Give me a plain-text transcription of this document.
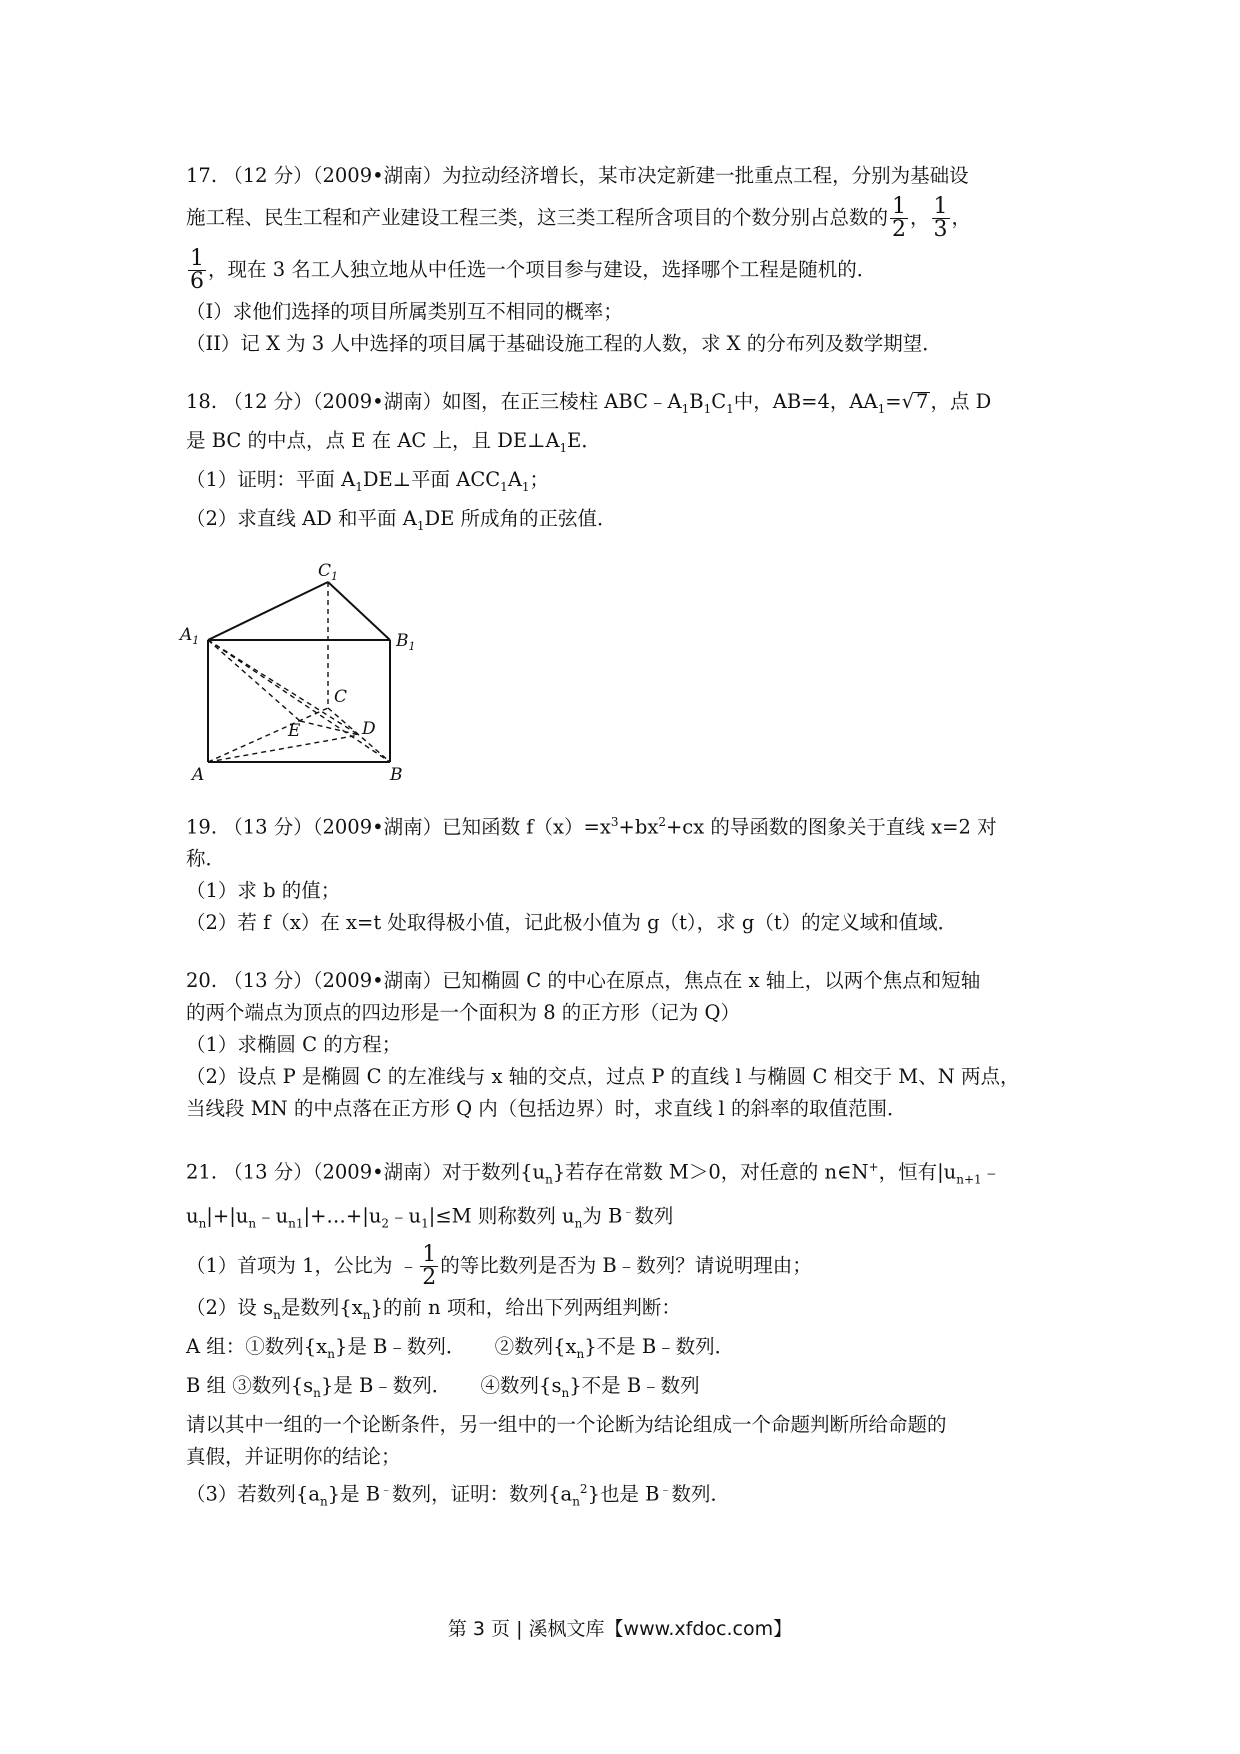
17. （12 分）（2009•湖南）为拉动经济增长，某市决定新建一批重点工程，分别为基础设

施工程、民生工程和产业建设工程三类，这三类工程所含项目的个数分别占总数的 $\frac{1}{2}$ ， $\frac{1}{3}$ ，

$\frac{1}{6}$ ，现在 3 名工人独立地从中任选一个项目参与建设，选择哪个工程是随机的．

（I）求他们选择的项目所属类别互不相同的概率；

（II）记 X 为 3 人中选择的项目属于基础设施工程的人数，求 X 的分布列及数学期望．

18. （12 分）（2009•湖南）如图，在正三棱柱 $ABC﹣A_1B_1C_1$中，AB=4，$AA_1=√$ 7 ，点 D

是 BC 的中点，点 E 在 AC 上，且 $DE\perp A_1E$．

（1）证明：平面 $A_1DE\perp$平面 $ACC_1A_1$；

（2）求直线 AD 和平面 $A_1DE$ 所成角的正弦值．

$C_1$
$A_1$	$B_1$
C
E	D
A	B

19. （13 分）（2009•湖南）已知函数 $f(x)=x^3+bx^2+cx$ 的导函数的图象关于直线 x=2 对

称．

（1）求 b 的值；

（2）若 f（x）在 x=t 处取得极小值，记此极小值为 g（t），求 g（t）的定义域和值域．

20. （13 分）（2009•湖南）已知椭圆 C 的中心在原点，焦点在 x 轴上，以两个焦点和短轴

的两个端点为顶点的四边形是一个面积为 8 的正方形（记为 Q）

（1）求椭圆 C 的方程；

（2）设点 P 是椭圆 C 的左准线与 x 轴的交点，过点 P 的直线 l 与椭圆 C 相交于 M、N 两点，

当线段 MN 的中点落在正方形 Q 内（包括边界）时，求直线 l 的斜率的取值范围．

21. （13 分）（2009•湖南）对于数列$\{u_n\}$若存在常数 M＞0，对任意的 n∈N+，恒有$|u_{n+1}﹣$

$u_n|+|u_n﹣u_{n1}|+\dots+|u_2﹣u_1|\le M$ 则称数列 $u_n$为 B﹣数列

（1）首项为 1，公比为 ﹣ $\frac{1}{2}$ 的等比数列是否为 B﹣数列？请说明理由；

（2）设 $s_n$是数列$\{x_n\}$的前 n 项和，给出下列两组判断：

A 组：①数列$\{x_n\}$是 B﹣数列．　　②数列$\{x_n\}$不是 B﹣数列．

B 组 ③数列$\{s_n\}$是 B﹣数列．　　④数列$\{s_n\}$不是 B﹣数列

请以其中一组的一个论断条件，另一组中的一个论断为结论组成一个命题判断所给命题的

真假，并证明你的结论；

（3）若数列$\{a_n\}$是 B﹣数列，证明：数列$\{a_n^2\}$也是 B﹣数列．

第 3 页 | 溪枫文库【www.xfdoc.com】
